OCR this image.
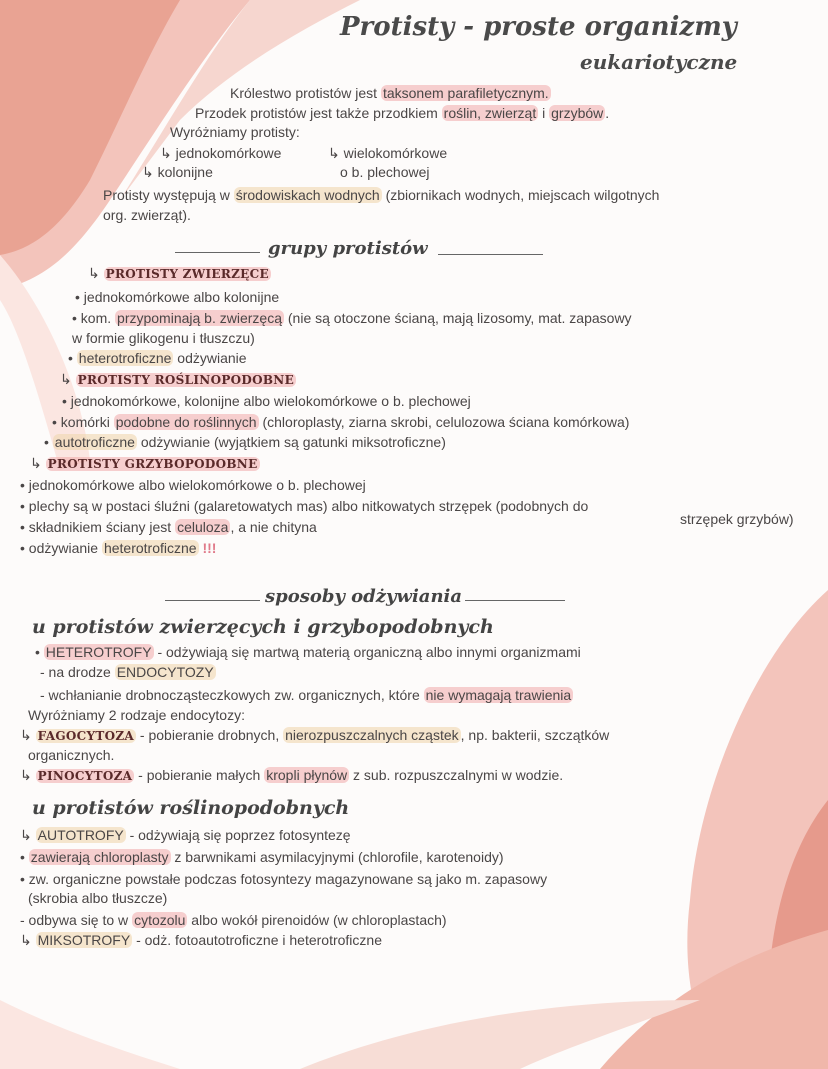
Protisty - proste organizmy
eukariotyczne
Królestwo protistów jest taksonem parafiletycznym.
Przodek protistów jest także przodkiem roślin, zwierząt i grzybów .
Wyróżniamy protisty:
↳ jednokomórkowe	↳ wielokomórkowe
↳ kolonijne	o b. plechowej
Protisty występują w środowiskach wodnych (zbiornikach wodnych, miejscach wilgotnych
org. zwierząt).
grupy protistów
↳ PROTISTY ZWIERZĘCE
• jednokomórkowe albo kolonijne
• kom. przypominają b. zwierzęcą (nie są otoczone ścianą, mają lizosomy, mat. zapasowy
w formie glikogenu i tłuszczu)
• heterotroficzne odżywianie
↳ PROTISTY ROŚLINOPODOBNE
• jednokomórkowe, kolonijne albo wielokomórkowe o b. plechowej
• komórki podobne do roślinnych (chloroplasty, ziarna skrobi, celulozowa ściana komórkowa)
• autotroficzne odżywianie (wyjątkiem są gatunki miksotroficzne)
↳ PROTISTY GRZYBOPODOBNE
• jednokomórkowe albo wielokomórkowe o b. plechowej
• plechy są w postaci śluźni (galaretowatych mas) albo nitkowatych strzępek (podobnych do
strzępek grzybów)
• składnikiem ściany jest celuloza , a nie chityna
• odżywianie heterotroficzne !!!
sposoby odżywiania
u protistów zwierzęcych i grzybopodobnych
• HETEROTROFY - odżywiają się martwą materią organiczną albo innymi organizmami
- na drodze ENDOCYTOZY
- wchłanianie drobnocząsteczkowych zw. organicznych, które nie wymagają trawienia
Wyróżniamy 2 rodzaje endocytozy:
↳ FAGOCYTOZA - pobieranie drobnych, nierozpuszczalnych cząstek , np. bakterii, szczątków
organicznych.
↳ PINOCYTOZA - pobieranie małych kropli płynów z sub. rozpuszczalnymi w wodzie.
u protistów roślinopodobnych
↳ AUTOTROFY - odżywiają się poprzez fotosyntezę
• zawierają chloroplasty z barwnikami asymilacyjnymi (chlorofile, karotenoidy)
• zw. organiczne powstałe podczas fotosyntezy magazynowane są jako m. zapasowy
(skrobia albo tłuszcze)
- odbywa się to w cytozolu albo wokół pirenoidów (w chloroplastach)
↳ MIKSOTROFY - odż. fotoautotroficzne i heterotroficzne
